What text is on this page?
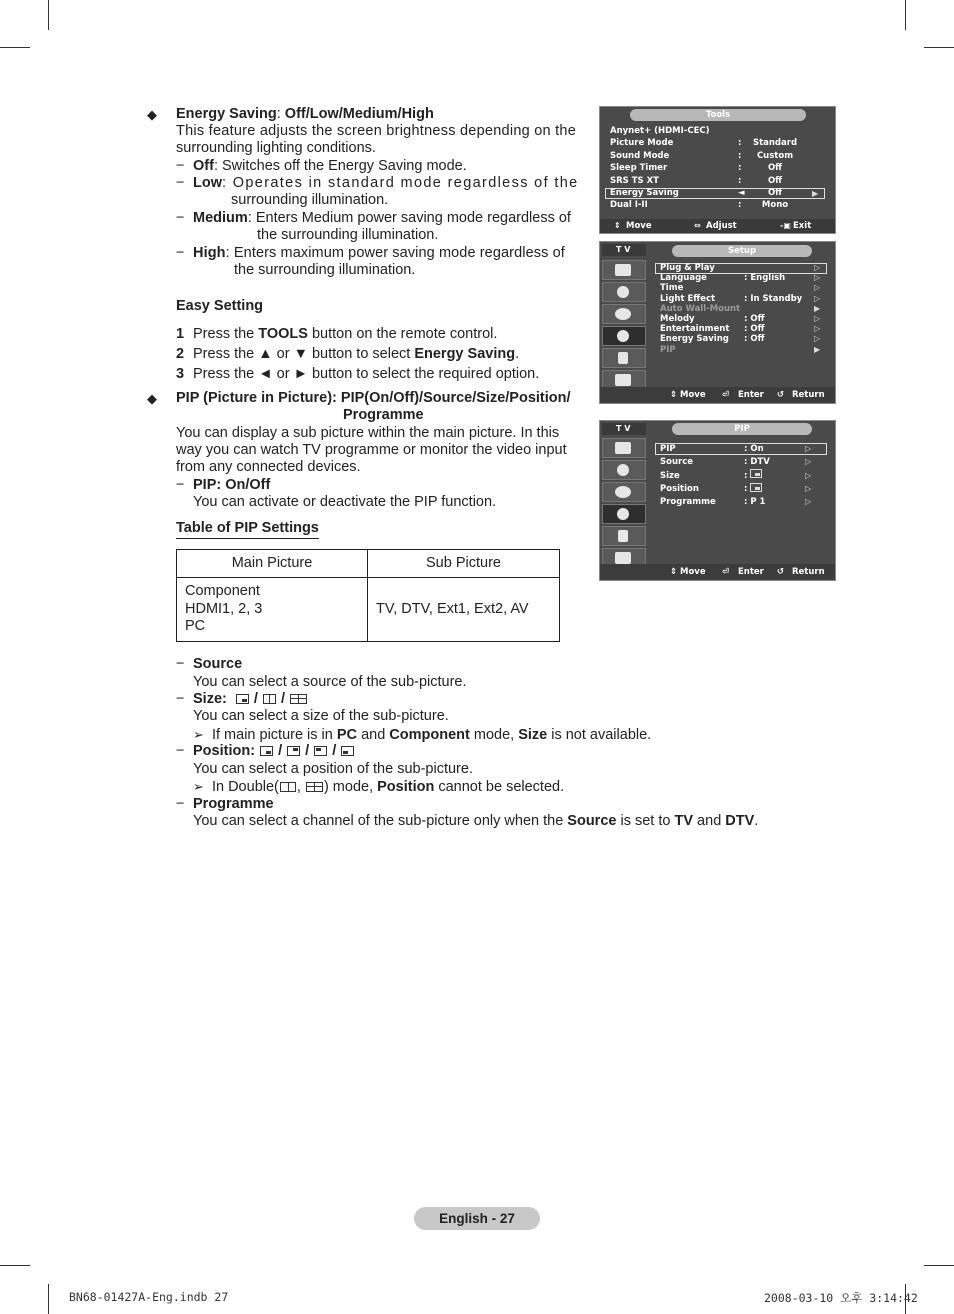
◆ Energy Saving: Off/Low/Medium/High
This feature adjusts the screen brightness depending on the
surrounding lighting conditions.
− Off: Switches off the Energy Saving mode.
− Low: Operates in standard mode regardless of the
surrounding illumination.
− Medium: Enters Medium power saving mode regardless of
the surrounding illumination.
− High: Enters maximum power saving mode regardless of
the surrounding illumination.
Easy Setting
1 Press the TOOLS button on the remote control.
2 Press the ▲ or ▼ button to select Energy Saving.
3 Press the ◄ or ► button to select the required option.
◆ PIP (Picture in Picture): PIP(On/Off)/Source/Size/Position/
Programme
You can display a sub picture within the main picture. In this
way you can watch TV programme or monitor the video input
from any connected devices.
− PIP: On/Off
You can activate or deactivate the PIP function.
Table of PIP Settings
Main Picture	Sub Picture

Component
HDMI1, 2, 3
PC	TV, DTV, Ext1, Ext2, AV
− Source
You can select a source of the sub-picture.
− Size:
/
/
You can select a size of the sub-picture.
➢ If main picture is in PC and Component mode, Size is not available.
− Position:
/
/
/
You can select a position of the sub-picture.
➢ In Double( ,
) mode, Position cannot be selected.
− Programme
You can select a channel of the sub-picture only when the Source is set to TV and DTV.
Tools
Anynet+ (HDMI-CEC)
Picture Mode	:	Standard
Sound Mode	:	Custom
Sleep Timer	:	Off
SRS TS XT	:	Off
Energy Saving	◄	Off
Dual I-II	:	Mono
▶
⇕ Move	⇔ Adjust	-▣ Exit
T V	Setup
Plug & Play	▷
Language	: English	▷
Time	▷
Light Effect	: In Standby ▷
Auto Wall-Mount	▶
Melody	: Off	▷
Entertainment : Off	▷
Energy Saving : Off	▷
PIP	▶
⇕ Move ⏎ Enter ↺ Return
T V	PIP
PIP	: On	▷
Source	: DTV	▷
Size	:	▷
Position	:	▷
Programme	: P 1	▷
⇕ Move ⏎ Enter ↺ Return
English - 27
BN68-01427A-Eng.indb 27	2008-03-10 오후 3:14:42
